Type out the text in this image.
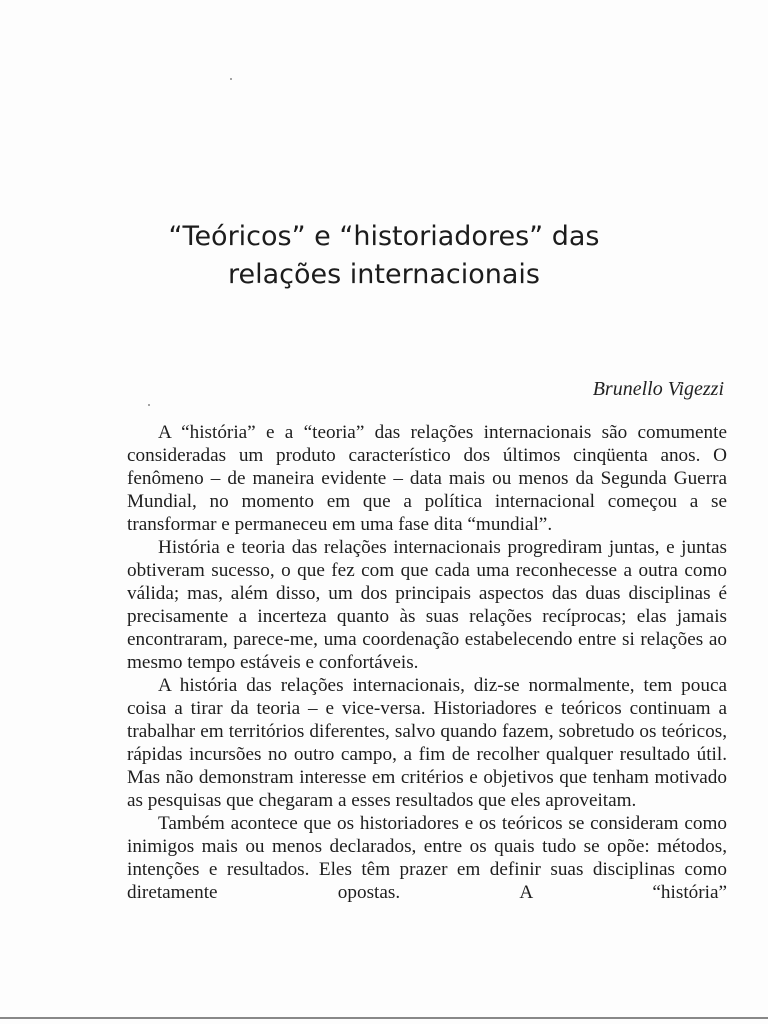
“Teóricos” e “historiadores” das
relações internacionais
Brunello Vigezzi

A “história” e a “teoria” das relações internacionais são comumente consideradas um produto característico dos últimos cinqüenta anos. O fenômeno – de maneira evidente – data mais ou menos da Segunda Guerra Mundial, no momento em que a política internacional começou a se transformar e permaneceu em uma fase dita “mundial”.

História e teoria das relações internacionais progrediram juntas, e juntas obtiveram sucesso, o que fez com que cada uma reconhecesse a outra como válida; mas, além disso, um dos principais aspectos das duas disciplinas é precisamente a incerteza quanto às suas relações recíprocas; elas jamais encontraram, parece-me, uma coordenação estabelecendo entre si relações ao mesmo tempo estáveis e confortáveis.

A história das relações internacionais, diz-se normalmente, tem pouca coisa a tirar da teoria – e vice-versa. Historiadores e teóricos continuam a trabalhar em territórios diferentes, salvo quando fazem, sobretudo os teóricos, rápidas incursões no outro campo, a fim de recolher qualquer resultado útil. Mas não demonstram interesse em critérios e objetivos que tenham motivado as pesquisas que chegaram a esses resultados que eles aproveitam.

Também acontece que os historiadores e os teóricos se consideram como inimigos mais ou menos declarados, entre os quais tudo se opõe: métodos, intenções e resultados. Eles têm prazer em definir suas disciplinas como diretamente opostas. A “história”
